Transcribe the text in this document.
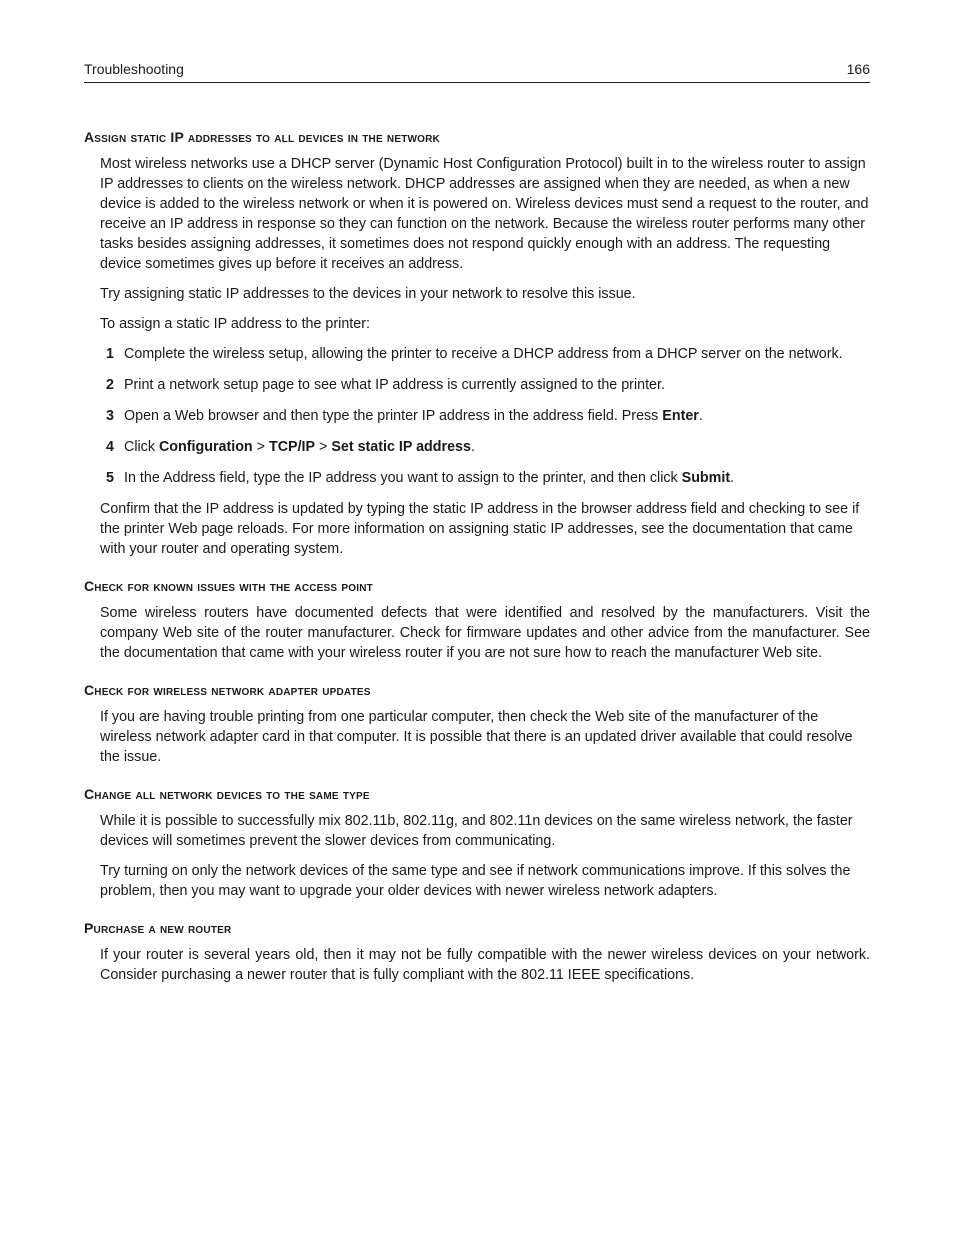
Troubleshooting	166
Assign static IP addresses to all devices in the network

Most wireless networks use a DHCP server (Dynamic Host Configuration Protocol) built in to the wireless router to assign IP addresses to clients on the wireless network. DHCP addresses are assigned when they are needed, as when a new device is added to the wireless network or when it is powered on. Wireless devices must send a request to the router, and receive an IP address in response so they can function on the network. Because the wireless router performs many other tasks besides assigning addresses, it sometimes does not respond quickly enough with an address. The requesting device sometimes gives up before it receives an address.

Try assigning static IP addresses to the devices in your network to resolve this issue.

To assign a static IP address to the printer:

1 Complete the wireless setup, allowing the printer to receive a DHCP address from a DHCP server on the network.
2 Print a network setup page to see what IP address is currently assigned to the printer.
3 Open a Web browser and then type the printer IP address in the address field. Press Enter.
4 Click Configuration > TCP/IP > Set static IP address.
5 In the Address field, type the IP address you want to assign to the printer, and then click Submit.

Confirm that the IP address is updated by typing the static IP address in the browser address field and checking to see if the printer Web page reloads. For more information on assigning static IP addresses, see the documentation that came with your router and operating system.

Check for known issues with the access point

Some wireless routers have documented defects that were identified and resolved by the manufacturers. Visit the company Web site of the router manufacturer. Check for firmware updates and other advice from the manufacturer. See the documentation that came with your wireless router if you are not sure how to reach the manufacturer Web site.

Check for wireless network adapter updates

If you are having trouble printing from one particular computer, then check the Web site of the manufacturer of the wireless network adapter card in that computer. It is possible that there is an updated driver available that could resolve the issue.

Change all network devices to the same type

While it is possible to successfully mix 802.11b, 802.11g, and 802.11n devices on the same wireless network, the faster devices will sometimes prevent the slower devices from communicating.

Try turning on only the network devices of the same type and see if network communications improve. If this solves the problem, then you may want to upgrade your older devices with newer wireless network adapters.

Purchase a new router

If your router is several years old, then it may not be fully compatible with the newer wireless devices on your network. Consider purchasing a newer router that is fully compliant with the 802.11 IEEE specifications.
